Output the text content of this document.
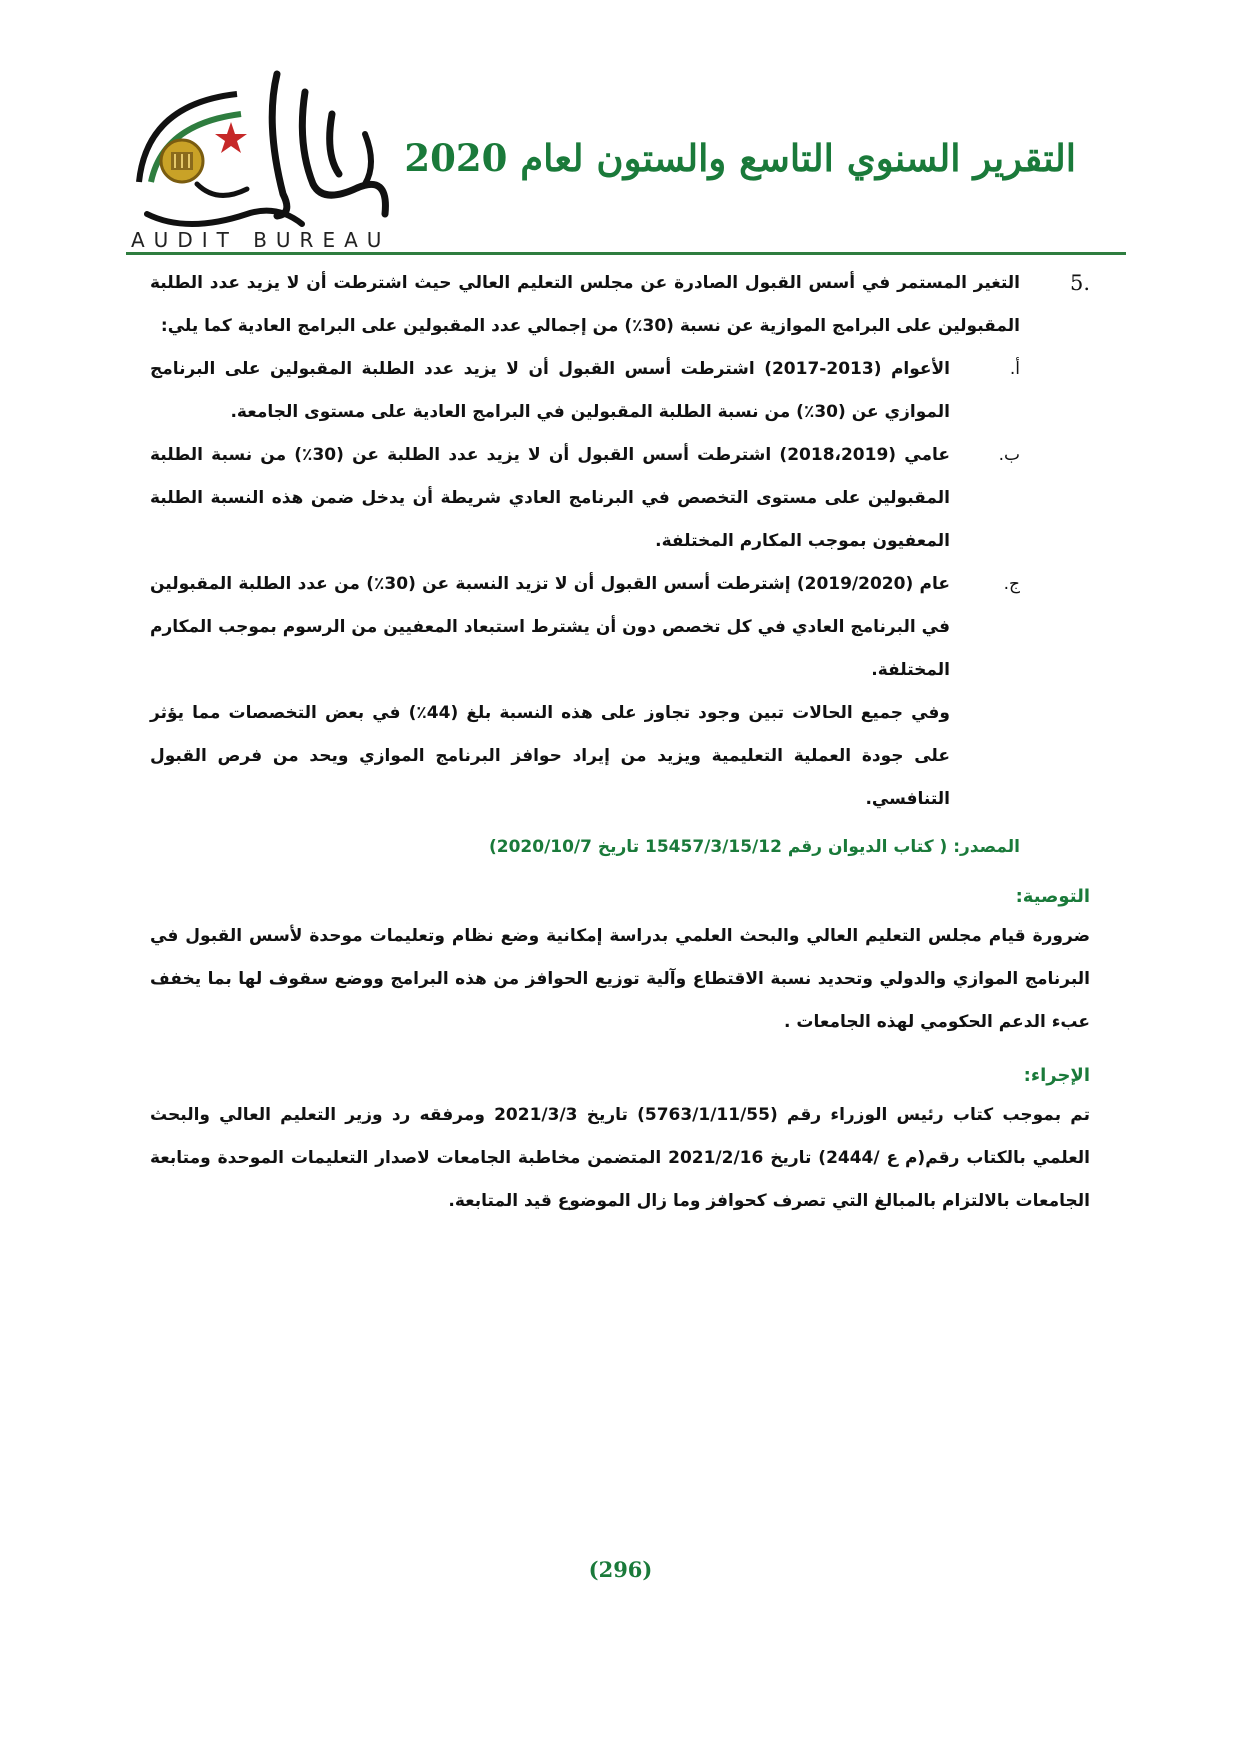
AUDIT BUREAU
التقرير السنوي التاسع والستون لعام 2020
.5
التغير المستمر في أسس القبول الصادرة عن مجلس التعليم العالي حيث اشترطت أن لا يزيد عدد الطلبة المقبولين على البرامج الموازية عن نسبة (30٪) من إجمالي عدد المقبولين على البرامج العادية كما يلي:
أ.
الأعوام (2013-2017) اشترطت أسس القبول أن لا يزيد عدد الطلبة المقبولين على البرنامج الموازي عن (30٪) من نسبة الطلبة المقبولين في البرامج العادية على مستوى الجامعة.
ب.
عامي (2018،2019) اشترطت أسس القبول أن لا يزيد عدد الطلبة عن (30٪) من نسبة الطلبة المقبولين على مستوى التخصص في البرنامج العادي شريطة أن يدخل ضمن هذه النسبة الطلبة المعفيون بموجب المكارم المختلفة.
ج.
عام (2019/2020) إشترطت أسس القبول أن لا تزيد النسبة عن (30٪) من عدد الطلبة المقبولين في البرنامج العادي في كل تخصص دون أن يشترط استبعاد المعفيين من الرسوم بموجب المكارم المختلفة.
وفي جميع الحالات تبين وجود تجاوز على هذه النسبة بلغ (44٪) في بعض التخصصات مما يؤثر على جودة العملية التعليمية ويزيد من إيراد حوافز البرنامج الموازي ويحد من فرص القبول التنافسي.
المصدر: ( كتاب الديوان رقم 15457/3/15/12 تاريخ 2020/10/7)
التوصية:
ضرورة قيام مجلس التعليم العالي والبحث العلمي بدراسة إمكانية وضع نظام وتعليمات موحدة لأسس القبول في البرنامج الموازي والدولي وتحديد نسبة الاقتطاع وآلية توزيع الحوافز من هذه البرامج ووضع سقوف لها بما يخفف عبء الدعم الحكومي لهذه الجامعات .
الإجراء:
تم بموجب كتاب رئيس الوزراء رقم (5763/1/11/55) تاريخ 2021/3/3 ومرفقه رد وزير التعليم العالي والبحث العلمي بالكتاب رقم(م ع /2444) تاريخ 2021/2/16 المتضمن مخاطبة الجامعات لاصدار التعليمات الموحدة ومتابعة الجامعات بالالتزام بالمبالغ التي تصرف كحوافز وما زال الموضوع قيد المتابعة.
(296)
